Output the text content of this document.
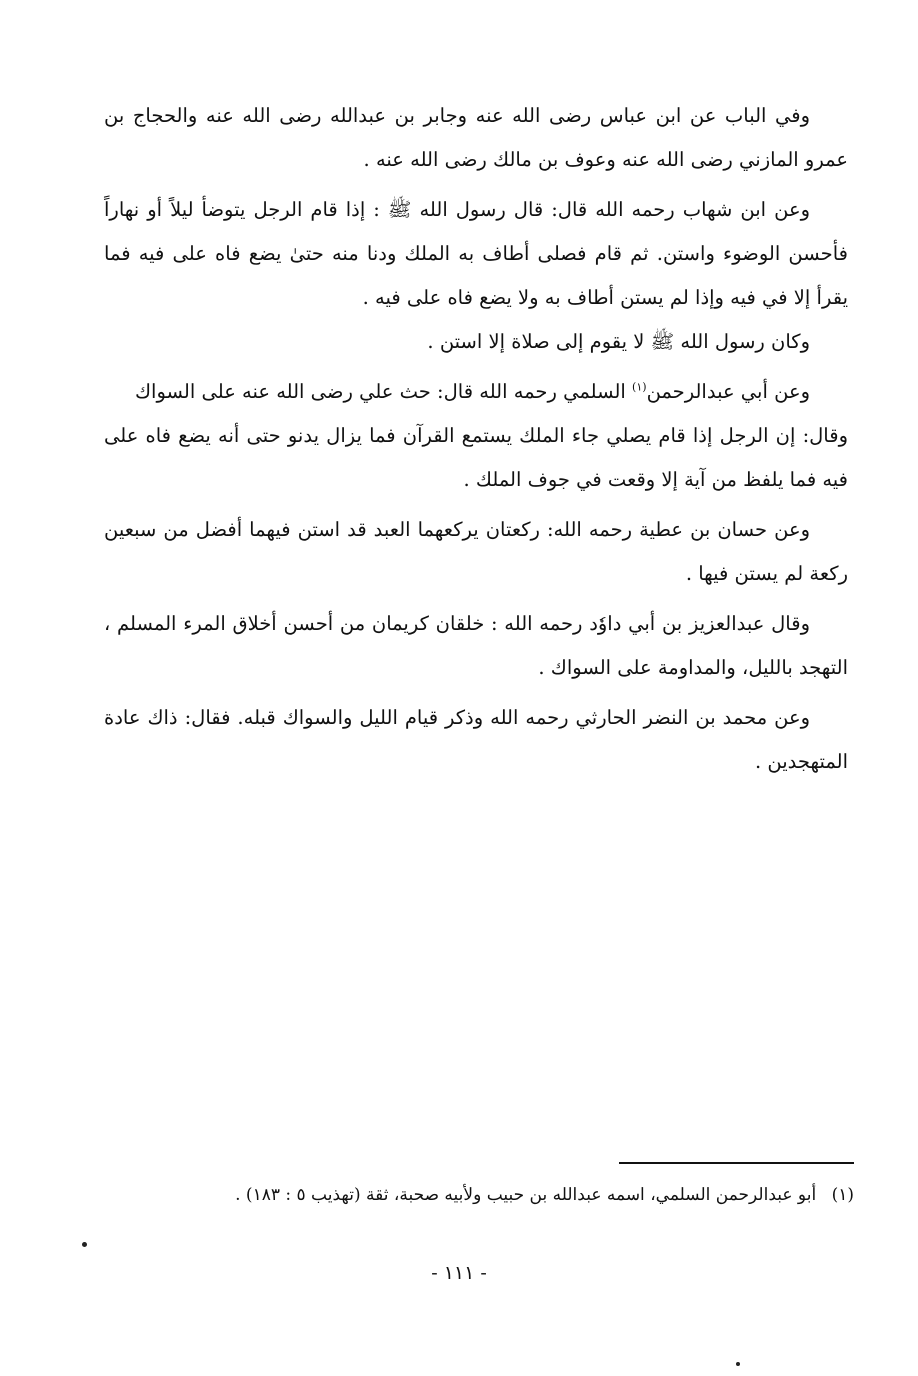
وفي الباب عن ابن عباس رضى الله عنه وجابر بن عبدالله رضى الله عنه والحجاج بن عمرو المازني رضى الله عنه وعوف بن مالك رضى الله عنه .

وعن ابن شهاب رحمه الله قال: قال رسول الله ﷺ : إذا قام الرجل يتوضأ ليلاً أو نهاراً فأحسن الوضوء واستن. ثم قام فصلى أطاف به الملك ودنا منه حتىٰ يضع فاه على فيه فما يقرأ إلا في فيه وإذا لم يستن أطاف به ولا يضع فاه على فيه .

وكان رسول الله ﷺ لا يقوم إلى صلاة إلا استن .

وعن أبي عبدالرحمن$^{(١)}$ السلمي رحمه الله قال: حث علي رضى الله عنه على السواك

وقال: إن الرجل إذا قام يصلي جاء الملك يستمع القرآن فما يزال يدنو حتى أنه يضع فاه على فيه فما يلفظ من آية إلا وقعت في جوف الملك .

وعن حسان بن عطية رحمه الله: ركعتان يركعهما العبد قد استن فيهما أفضل من سبعين ركعة لم يستن فيها .

وقال عبدالعزيز بن أبي داوٗد رحمه الله : خلقان كريمان من أحسن أخلاق المرء المسلم ، التهجد بالليل، والمداومة على السواك .

وعن محمد بن النضر الحارثي رحمه الله وذكر قيام الليل والسواك قبله. فقال: ذاك عادة المتهجدين .

(١) أبو عبدالرحمن السلمي، اسمه عبدالله بن حبيب ولأبيه صحبة، ثقة (تهذيب ٥ : ١٨٣) .
- ١١١ -
